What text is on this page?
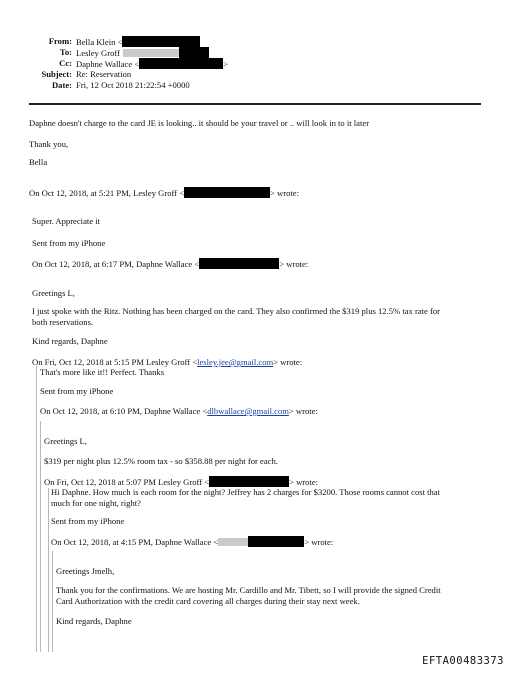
From: Bella Klein <
To: Lesley Groff
Cc: Daphne Wallace <	>
Subject: Re: Reservation
Date: Fri, 12 Oct 2018 21:22:54 +0000
Daphne doesn't charge to the card JE is looking.. it should be your travel or .. will look in to it later
Thank you,
Bella
On Oct 12, 2018, at 5:21 PM, Lesley Groff <	> wrote:
Super. Appreciate it
Sent from my iPhone
On Oct 12, 2018, at 6:17 PM, Daphne Wallace <	> wrote:
Greetings L,
I just spoke with the Ritz. Nothing has been charged on the card. They also confirmed the $319 plus 12.5% tax rate for
both reservations.
Kind regards, Daphne
On Fri, Oct 12, 2018 at 5:15 PM Lesley Groff <lesley.jee@gmail.com> wrote:
That's more like it!! Perfect. Thanks
Sent from my iPhone
On Oct 12, 2018, at 6:10 PM, Daphne Wallace <dlbwallace@gmail.com> wrote:
Greetings L,
$319 per night plus 12.5% room tax - so $358.88 per night for each.
On Fri, Oct 12, 2018 at 5:07 PM Lesley Groff <	> wrote:
Hi Daphne. How much is each room for the night? Jeffrey has 2 charges for $3200. Those rooms cannot cost that
much for one night, right?
Sent from my iPhone
On Oct 12, 2018, at 4:15 PM, Daphne Wallace <	> wrote:
Greetings Jmelh,
Thank you for the confirmations. We are hosting Mr. Cardillo and Mr. Tibett, so I will provide the signed Credit
Card Authorization with the credit card covering all charges during their stay next week.
Kind regards, Daphne
EFTA00483373
